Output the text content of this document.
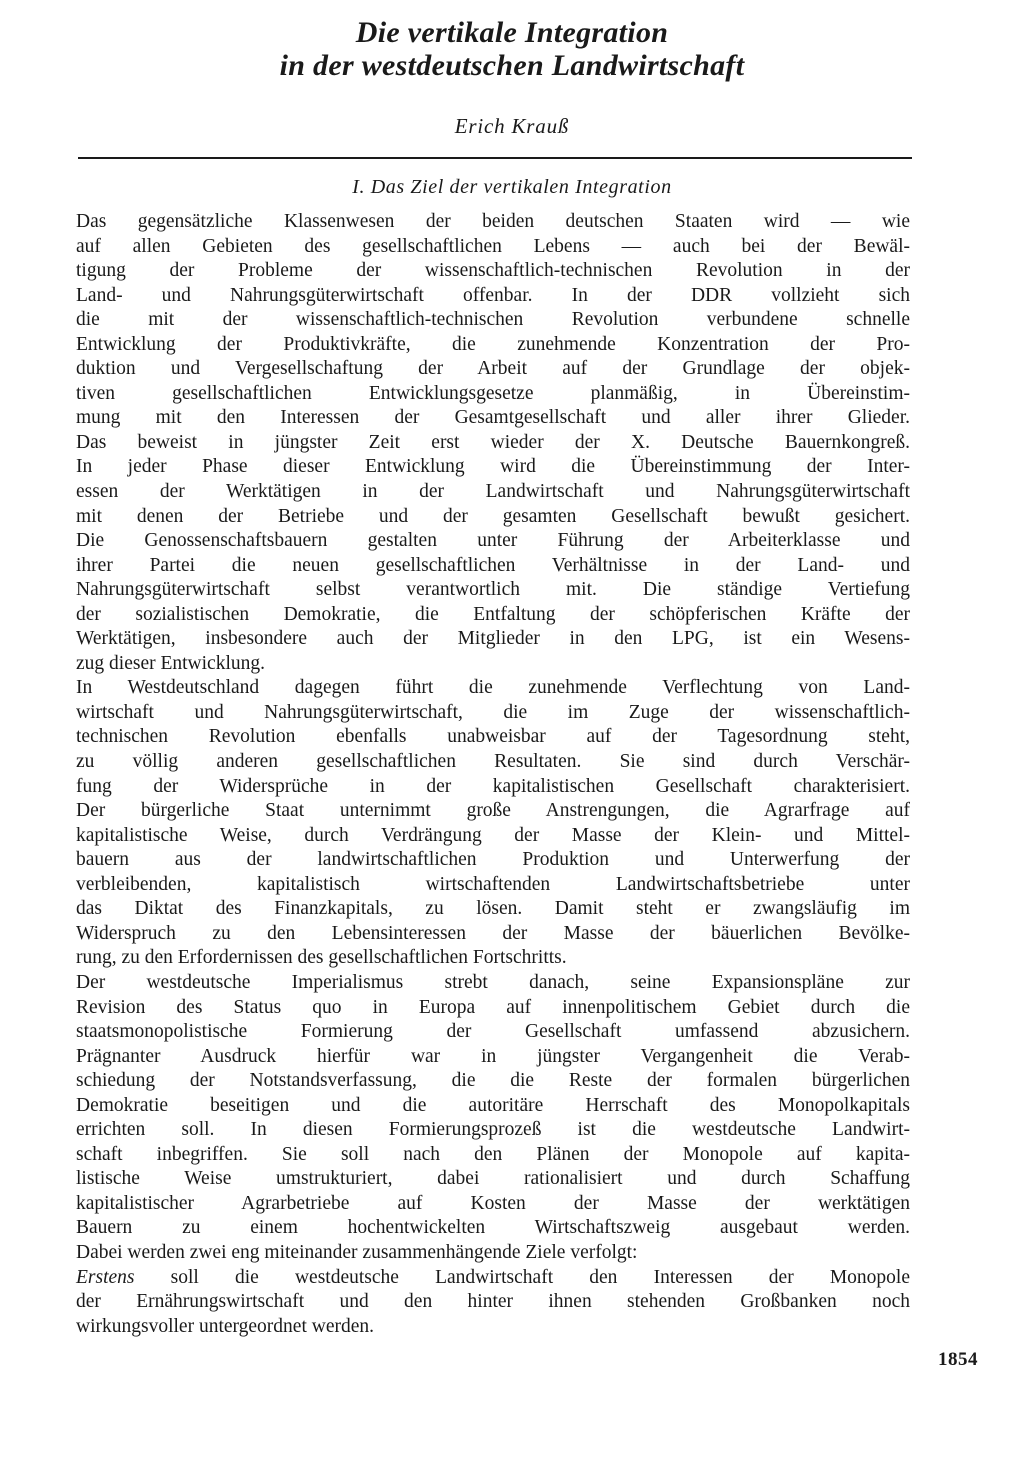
Die vertikale Integration
in der westdeutschen Landwirtschaft
Erich Krauß
I. Das Ziel der vertikalen Integration
Das gegensätzliche Klassenwesen der beiden deutschen Staaten wird — wie
auf allen Gebieten des gesellschaftlichen Lebens — auch bei der Bewäl-
tigung der Probleme der wissenschaftlich-technischen Revolution in der
Land- und Nahrungsgüterwirtschaft offenbar. In der DDR vollzieht sich
die mit der wissenschaftlich-technischen Revolution verbundene schnelle
Entwicklung der Produktivkräfte, die zunehmende Konzentration der Pro-
duktion und Vergesellschaftung der Arbeit auf der Grundlage der objek-
tiven gesellschaftlichen Entwicklungsgesetze planmäßig, in Übereinstim-
mung mit den Interessen der Gesamtgesellschaft und aller ihrer Glieder.
Das beweist in jüngster Zeit erst wieder der X. Deutsche Bauernkongreß.
In jeder Phase dieser Entwicklung wird die Übereinstimmung der Inter-
essen der Werktätigen in der Landwirtschaft und Nahrungsgüterwirtschaft
mit denen der Betriebe und der gesamten Gesellschaft bewußt gesichert.
Die Genossenschaftsbauern gestalten unter Führung der Arbeiterklasse und
ihrer Partei die neuen gesellschaftlichen Verhältnisse in der Land- und
Nahrungsgüterwirtschaft selbst verantwortlich mit. Die ständige Vertiefung
der sozialistischen Demokratie, die Entfaltung der schöpferischen Kräfte der
Werktätigen, insbesondere auch der Mitglieder in den LPG, ist ein Wesens-
zug dieser Entwicklung.
In Westdeutschland dagegen führt die zunehmende Verflechtung von Land-
wirtschaft und Nahrungsgüterwirtschaft, die im Zuge der wissenschaftlich-
technischen Revolution ebenfalls unabweisbar auf der Tagesordnung steht,
zu völlig anderen gesellschaftlichen Resultaten. Sie sind durch Verschär-
fung der Widersprüche in der kapitalistischen Gesellschaft charakterisiert.
Der bürgerliche Staat unternimmt große Anstrengungen, die Agrarfrage auf
kapitalistische Weise, durch Verdrängung der Masse der Klein- und Mittel-
bauern aus der landwirtschaftlichen Produktion und Unterwerfung der
verbleibenden, kapitalistisch wirtschaftenden Landwirtschaftsbetriebe unter
das Diktat des Finanzkapitals, zu lösen. Damit steht er zwangsläufig im
Widerspruch zu den Lebensinteressen der Masse der bäuerlichen Bevölke-
rung, zu den Erfordernissen des gesellschaftlichen Fortschritts.
Der westdeutsche Imperialismus strebt danach, seine Expansionspläne zur
Revision des Status quo in Europa auf innenpolitischem Gebiet durch die
staatsmonopolistische Formierung der Gesellschaft umfassend abzusichern.
Prägnanter Ausdruck hierfür war in jüngster Vergangenheit die Verab-
schiedung der Notstandsverfassung, die die Reste der formalen bürgerlichen
Demokratie beseitigen und die autoritäre Herrschaft des Monopolkapitals
errichten soll. In diesen Formierungsprozeß ist die westdeutsche Landwirt-
schaft inbegriffen. Sie soll nach den Plänen der Monopole auf kapita-
listische Weise umstrukturiert, dabei rationalisiert und durch Schaffung
kapitalistischer Agrarbetriebe auf Kosten der Masse der werktätigen
Bauern zu einem hochentwickelten Wirtschaftszweig ausgebaut werden.
Dabei werden zwei eng miteinander zusammenhängende Ziele verfolgt:
Erstens soll die westdeutsche Landwirtschaft den Interessen der Monopole
der Ernährungswirtschaft und den hinter ihnen stehenden Großbanken noch
wirkungsvoller untergeordnet werden.
1854
